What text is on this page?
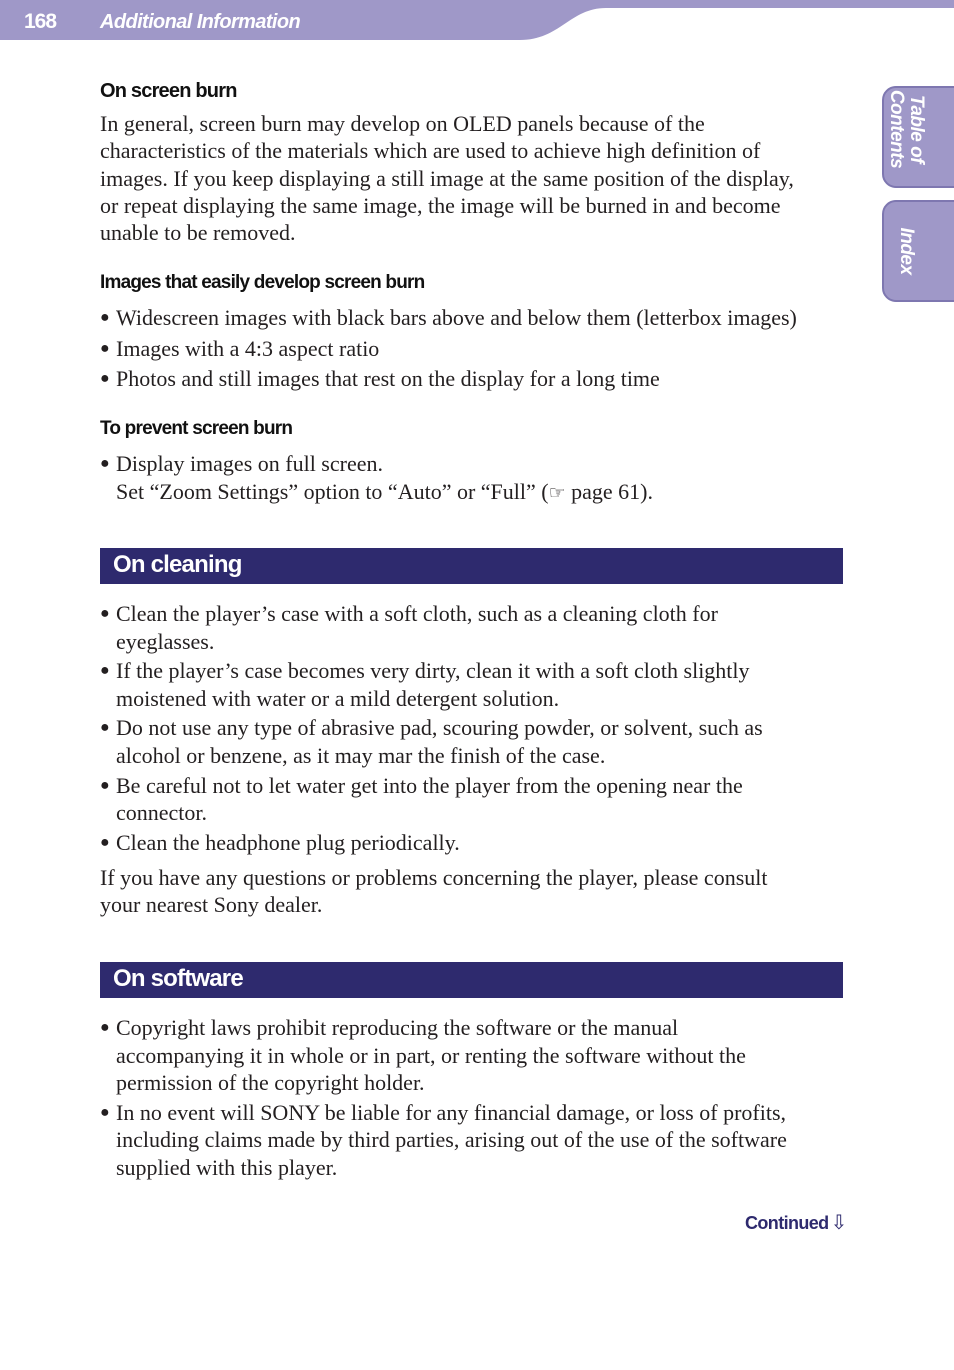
168 Additional Information
Table of
Contents
Index
On screen burn
In general, screen burn may develop on OLED panels because of the
characteristics of the materials which are used to achieve high definition of
images. If you keep displaying a still image at the same position of the display,
or repeat displaying the same image, the image will be burned in and become
unable to be removed.
Images that easily develop screen burn
● Widescreen images with black bars above and below them (letterbox images)
● Images with a 4:3 aspect ratio
● Photos and still images that rest on the display for a long time
To prevent screen burn
● Display images on full screen.
Set “Zoom Settings” option to “Auto” or “Full” (☞ page 61).
On cleaning
● Clean the player’s case with a soft cloth, such as a cleaning cloth for
eyeglasses.
● If the player’s case becomes very dirty, clean it with a soft cloth slightly
moistened with water or a mild detergent solution.
● Do not use any type of abrasive pad, scouring powder, or solvent, such as
alcohol or benzene, as it may mar the finish of the case.
● Be careful not to let water get into the player from the opening near the
connector.
● Clean the headphone plug periodically.
If you have any questions or problems concerning the player, please consult
your nearest Sony dealer.
On software
● Copyright laws prohibit reproducing the software or the manual
accompanying it in whole or in part, or renting the software without the
permission of the copyright holder.
● In no event will SONY be liable for any financial damage, or loss of profits,
including claims made by third parties, arising out of the use of the software
supplied with this player.
Continued ⇩
